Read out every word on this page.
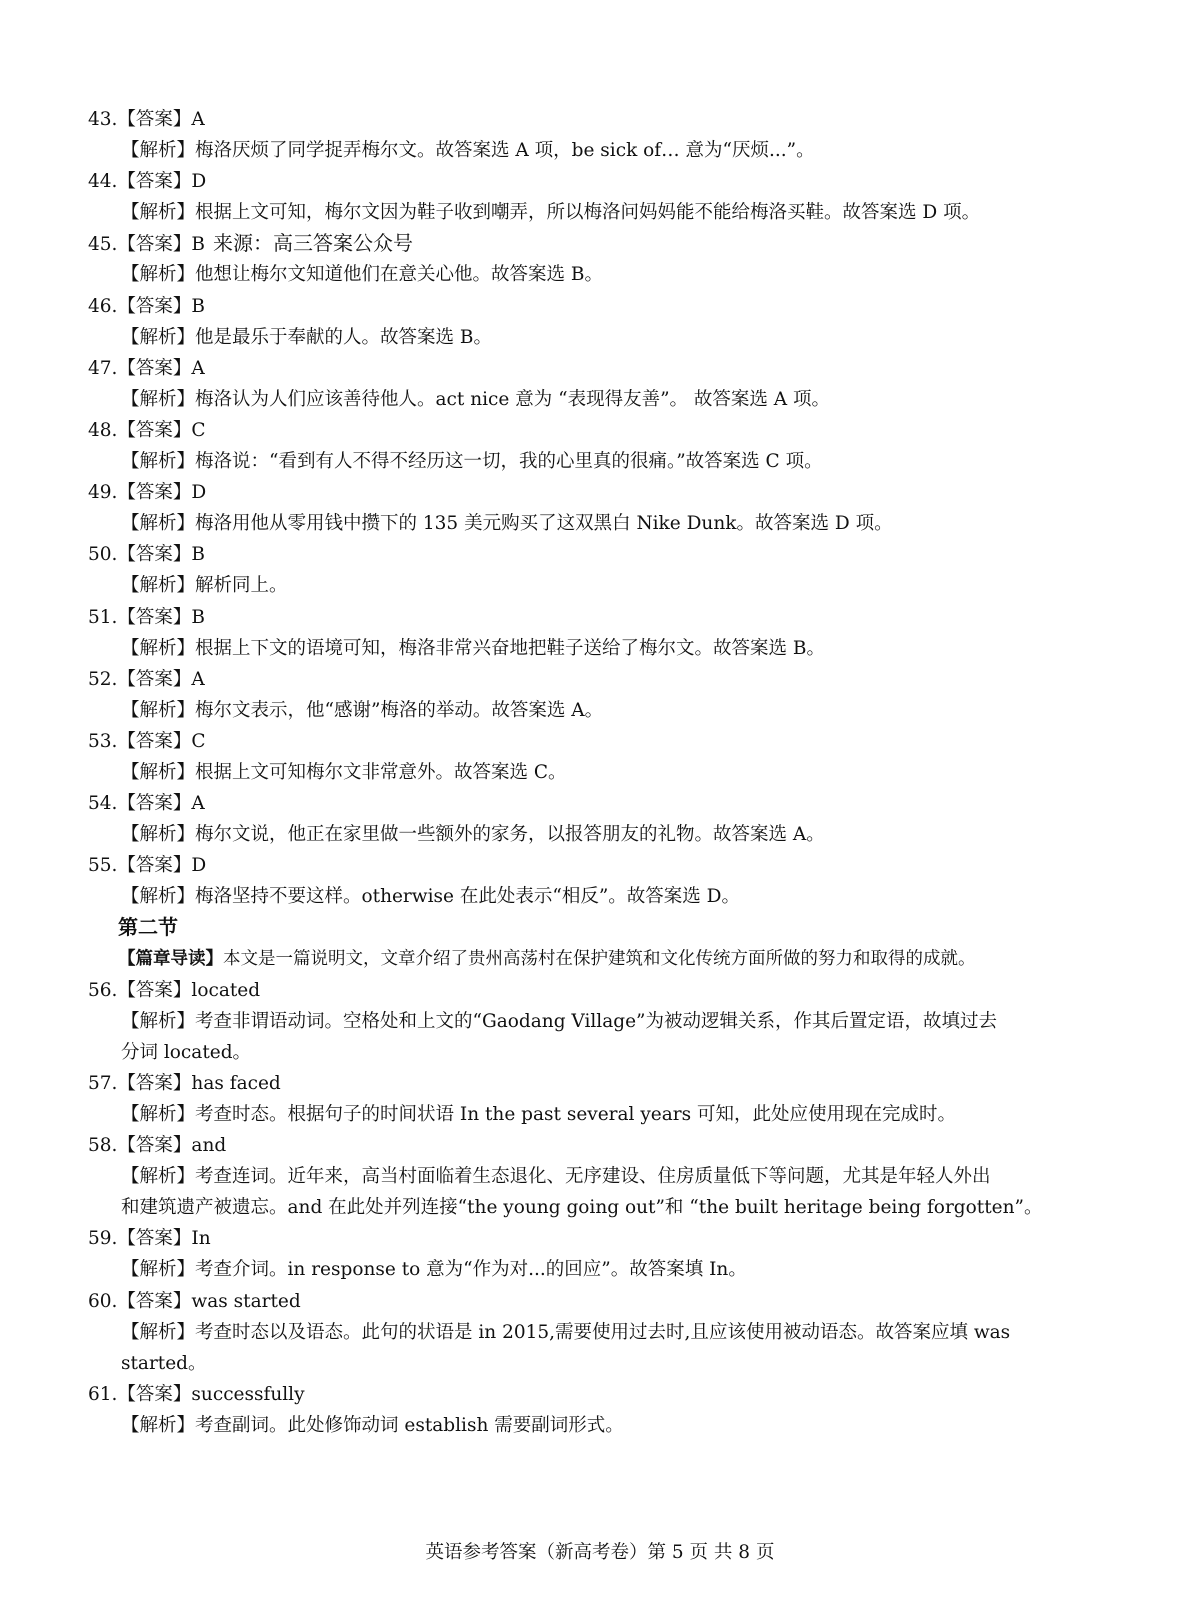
43.【答案】A
【解析】梅洛厌烦了同学捉弄梅尔文。故答案选 A 项，be sick of… 意为“厌烦...”。
44.【答案】D
【解析】根据上文可知，梅尔文因为鞋子收到嘲弄，所以梅洛问妈妈能不能给梅洛买鞋。故答案选 D 项。
45.【答案】B 来源：高三答案公众号
【解析】他想让梅尔文知道他们在意关心他。故答案选 B。
46.【答案】B
【解析】他是最乐于奉献的人。故答案选 B。
47.【答案】A
【解析】梅洛认为人们应该善待他人。act nice 意为 “表现得友善”。 故答案选 A 项。
48.【答案】C
【解析】梅洛说：“看到有人不得不经历这一切，我的心里真的很痛。”故答案选 C 项。
49.【答案】D
【解析】梅洛用他从零用钱中攒下的 135 美元购买了这双黑白 Nike Dunk。故答案选 D 项。
50.【答案】B
【解析】解析同上。
51.【答案】B
【解析】根据上下文的语境可知，梅洛非常兴奋地把鞋子送给了梅尔文。故答案选 B。
52.【答案】A
【解析】梅尔文表示，他“感谢”梅洛的举动。故答案选 A。
53.【答案】C
【解析】根据上文可知梅尔文非常意外。故答案选 C。
54.【答案】A
【解析】梅尔文说，他正在家里做一些额外的家务，以报答朋友的礼物。故答案选 A。
55.【答案】D
【解析】梅洛坚持不要这样。otherwise 在此处表示“相反”。故答案选 D。
第二节
【篇章导读】本文是一篇说明文，文章介绍了贵州高荡村在保护建筑和文化传统方面所做的努力和取得的成就。
56.【答案】located
【解析】考查非谓语动词。空格处和上文的“Gaodang Village”为被动逻辑关系，作其后置定语，故填过去
分词 located。
57.【答案】has faced
【解析】考查时态。根据句子的时间状语 In the past several years 可知，此处应使用现在完成时。
58.【答案】and
【解析】考查连词。近年来，高当村面临着生态退化、无序建设、住房质量低下等问题，尤其是年轻人外出
和建筑遗产被遗忘。and 在此处并列连接“the young going out”和 “the built heritage being forgotten”。
59.【答案】In
【解析】考查介词。in response to 意为“作为对...的回应”。故答案填 In。
60.【答案】was started
【解析】考查时态以及语态。此句的状语是 in 2015,需要使用过去时,且应该使用被动语态。故答案应填 was
started。
61.【答案】successfully
【解析】考查副词。此处修饰动词 establish 需要副词形式。
英语参考答案（新高考卷）第 5 页 共 8 页
